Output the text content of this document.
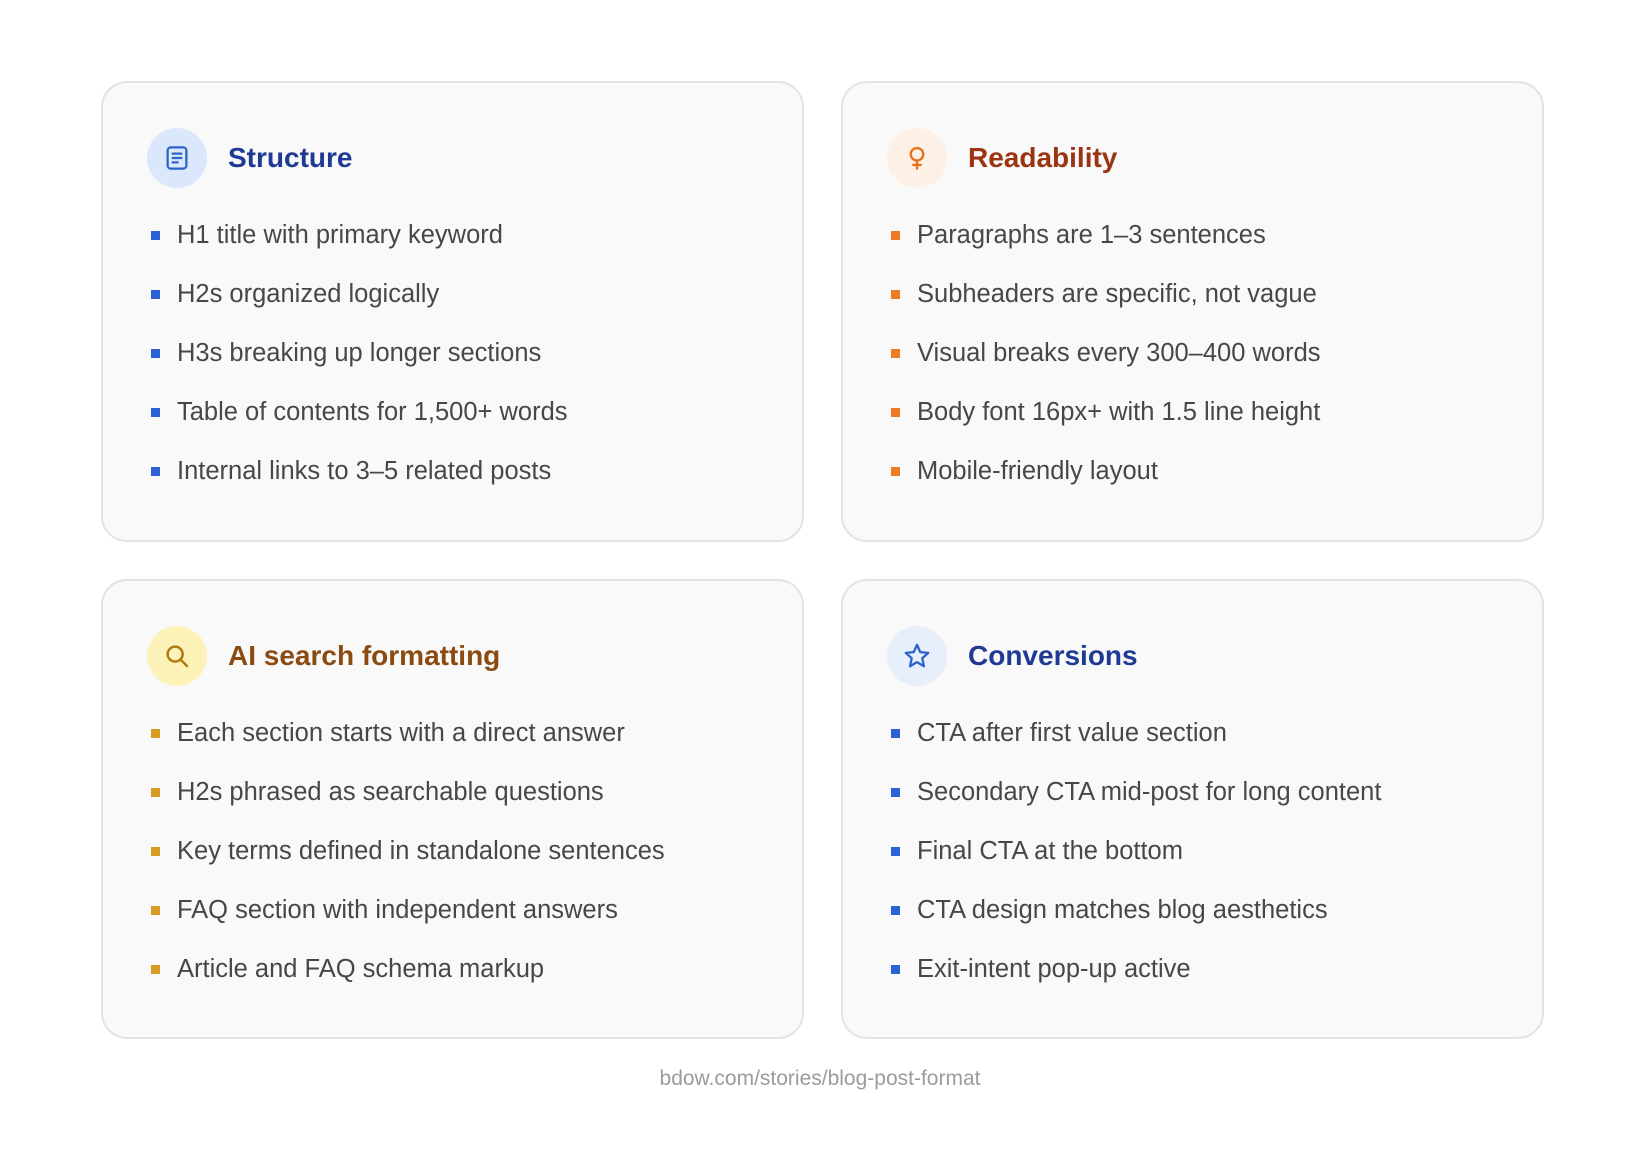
Structure
H1 title with primary keyword
H2s organized logically
H3s breaking up longer sections
Table of contents for 1,500+ words
Internal links to 3–5 related posts
Readability
Paragraphs are 1–3 sentences
Subheaders are specific, not vague
Visual breaks every 300–400 words
Body font 16px+ with 1.5 line height
Mobile-friendly layout
AI search formatting
Each section starts with a direct answer
H2s phrased as searchable questions
Key terms defined in standalone sentences
FAQ section with independent answers
Article and FAQ schema markup
Conversions
CTA after first value section
Secondary CTA mid-post for long content
Final CTA at the bottom
CTA design matches blog aesthetics
Exit-intent pop-up active
bdow.com/stories/blog-post-format
